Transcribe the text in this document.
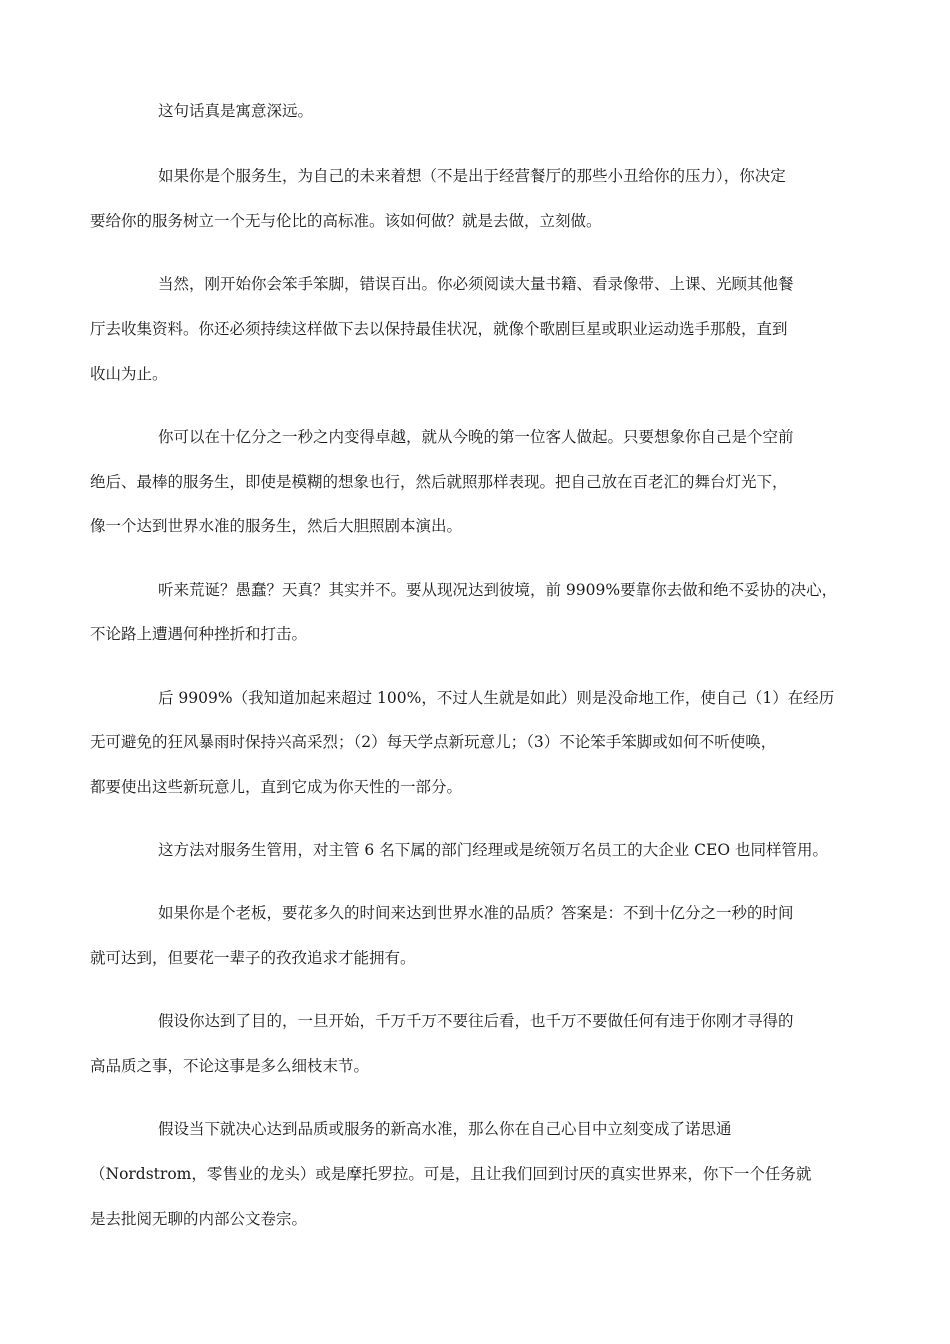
这句话真是寓意深远。
如果你是个服务生，为自己的未来着想（不是出于经营餐厅的那些小丑给你的压力），你决定
要给你的服务树立一个无与伦比的高标准。该如何做？就是去做，立刻做。
当然，刚开始你会笨手笨脚，错误百出。你必须阅读大量书籍、看录像带、上课、光顾其他餐
厅去收集资料。你还必须持续这样做下去以保持最佳状况，就像个歌剧巨星或职业运动选手那般，直到
收山为止。
你可以在十亿分之一秒之内变得卓越，就从今晚的第一位客人做起。只要想象你自己是个空前
绝后、最棒的服务生，即使是模糊的想象也行，然后就照那样表现。把自己放在百老汇的舞台灯光下，
像一个达到世界水准的服务生，然后大胆照剧本演出。
听来荒诞？愚蠢？天真？其实并不。要从现况达到彼境，前 9909%要靠你去做和绝不妥协的决心，
不论路上遭遇何种挫折和打击。
后 9909%（我知道加起来超过 100%，不过人生就是如此）则是没命地工作，使自己（1）在经历
无可避免的狂风暴雨时保持兴高采烈；（2）每天学点新玩意儿；（3）不论笨手笨脚或如何不听使唤，
都要使出这些新玩意儿，直到它成为你天性的一部分。
这方法对服务生管用，对主管 6 名下属的部门经理或是统领万名员工的大企业 CEO 也同样管用。
如果你是个老板，要花多久的时间来达到世界水准的品质？答案是：不到十亿分之一秒的时间
就可达到，但要花一辈子的孜孜追求才能拥有。
假设你达到了目的，一旦开始，千万千万不要往后看，也千万不要做任何有违于你刚才寻得的
高品质之事，不论这事是多么细枝末节。
假设当下就决心达到品质或服务的新高水准，那么你在自己心目中立刻变成了诺思通
（Nordstrom，零售业的龙头）或是摩托罗拉。可是，且让我们回到讨厌的真实世界来，你下一个任务就
是去批阅无聊的内部公文卷宗。
